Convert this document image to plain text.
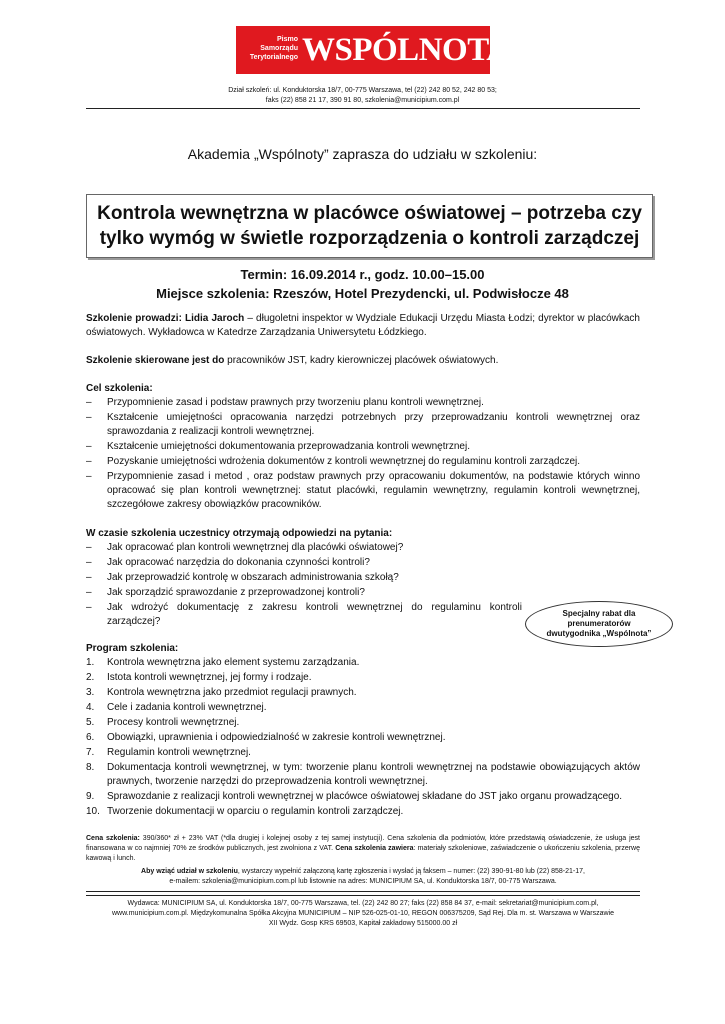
Pismo
Samorządu
Terytorialnego WSPÓLNOTA
Dział szkoleń: ul. Konduktorska 18/7, 00-775 Warszawa, tel (22) 242 80 52, 242 80 53;
faks (22) 858 21 17, 390 91 80, szkolenia@municipium.com.pl
Akademia „Wspólnoty” zaprasza do udziału w szkoleniu:
Kontrola wewnętrzna w placówce oświatowej – potrzeba czy
tylko wymóg w świetle rozporządzenia o kontroli zarządczej
Termin: 16.09.2014 r., godz. 10.00–15.00
Miejsce szkolenia: Rzeszów, Hotel Prezydencki, ul. Podwisłocze 48
Szkolenie prowadzi: Lidia Jaroch – długoletni inspektor w Wydziale Edukacji Urzędu Miasta Łodzi; dyrektor w placówkach oświatowych. Wykładowca w Katedrze Zarządzania Uniwersytetu Łódzkiego.
Szkolenie skierowane jest do pracowników JST, kadry kierowniczej placówek oświatowych.
Cel szkolenia:
– Przypomnienie zasad i podstaw prawnych przy tworzeniu planu kontroli wewnętrznej.
– Kształcenie umiejętności opracowania narzędzi potrzebnych przy przeprowadzaniu kontroli wewnętrznej oraz sprawozdania z realizacji kontroli wewnętrznej.
– Kształcenie umiejętności dokumentowania przeprowadzania kontroli wewnętrznej.
– Pozyskanie umiejętności wdrożenia dokumentów z kontroli wewnętrznej do regulaminu kontroli zarządczej.
– Przypomnienie zasad i metod , oraz podstaw prawnych przy opracowaniu dokumentów, na podstawie których winno opracować się plan kontroli wewnętrznej: statut placówki, regulamin wewnętrzny, regulamin kontroli wewnętrznej, szczegółowe zakresy obowiązków pracowników.
W czasie szkolenia uczestnicy otrzymają odpowiedzi na pytania:
– Jak opracować plan kontroli wewnętrznej dla placówki oświatowej?
– Jak opracować narzędzia do dokonania czynności kontroli?
– Jak przeprowadzić kontrolę w obszarach administrowania szkołą?
– Jak sporządzić sprawozdanie z przeprowadzonej kontroli?
– Jak wdrożyć dokumentację z zakresu kontroli wewnętrznej do regulaminu kontroli zarządczej?
Specjalny rabat dla
prenumeratorów
dwutygodnika „Wspólnota”
Program szkolenia:
1. Kontrola wewnętrzna jako element systemu zarządzania.
2. Istota kontroli wewnętrznej, jej formy i rodzaje.
3. Kontrola wewnętrzna jako przedmiot regulacji prawnych.
4. Cele i zadania kontroli wewnętrznej.
5. Procesy kontroli wewnętrznej.
6. Obowiązki, uprawnienia i odpowiedzialność w zakresie kontroli wewnętrznej.
7. Regulamin kontroli wewnętrznej.
8. Dokumentacja kontroli wewnętrznej, w tym: tworzenie planu kontroli wewnętrznej na podstawie obowiązujących aktów prawnych, tworzenie narzędzi do przeprowadzenia kontroli wewnętrznej.
9. Sprawozdanie z realizacji kontroli wewnętrznej w placówce oświatowej składane do JST jako organu prowadzącego.
10. Tworzenie dokumentacji w oparciu o regulamin kontroli zarządczej.
Cena szkolenia: 390/360* zł + 23% VAT (*dla drugiej i kolejnej osoby z tej samej instytucji). Cena szkolenia dla podmiotów, które przedstawią oświadczenie, że usługa jest finansowana w co najmniej 70% ze środków publicznych, jest zwolniona z VAT. Cena szkolenia zawiera: materiały szkoleniowe, zaświadczenie o ukończeniu szkolenia, przerwę kawową i lunch.
Aby wziąć udział w szkoleniu, wystarczy wypełnić załączoną kartę zgłoszenia i wysłać ją faksem – numer: (22) 390-91-80 lub (22) 858-21-17,
e-mailem: szkolenia@municipium.com.pl lub listownie na adres: MUNICIPIUM SA, ul. Konduktorska 18/7, 00-775 Warszawa.
Wydawca: MUNICIPIUM SA, ul. Konduktorska 18/7, 00-775 Warszawa, tel. (22) 242 80 27; faks (22) 858 84 37, e-mail: sekretariat@municipium.com.pl,
www.municipium.com.pl. Międzykomunalna Spółka Akcyjna MUNICIPIUM – NIP 526-025-01-10, REGON 006375209, Sąd Rej. Dla m. st. Warszawa w Warszawie
XII Wydz. Gosp KRS 69503, Kapitał zakładowy 515000.00 zł
